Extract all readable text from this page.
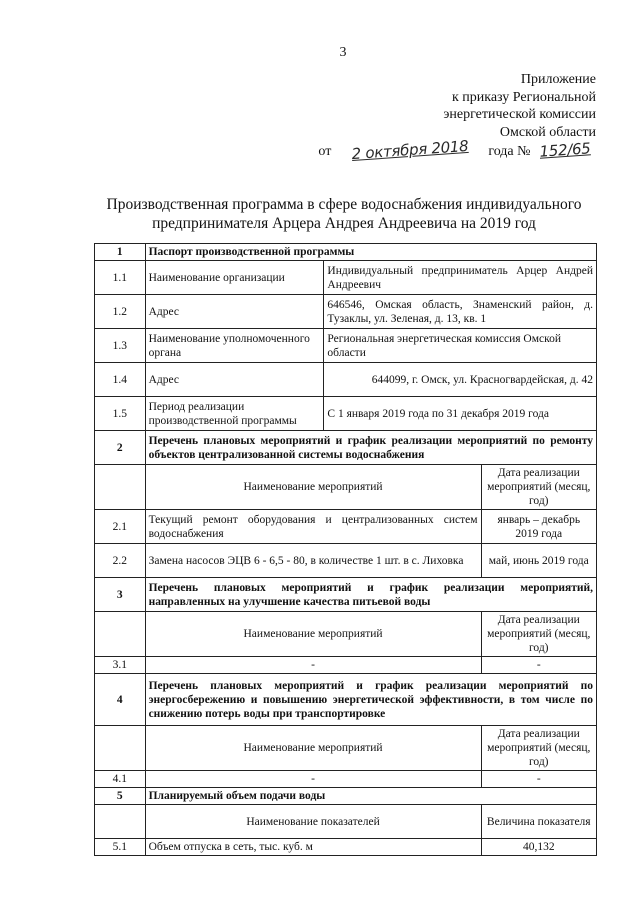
3
Приложение
к приказу Региональной
энергетической комиссии
Омской области
от 2 октября 2018 года № 152/65
Производственная программа в сфере водоснабжения индивидуального предпринимателя Арцера Андрея Андреевича на 2019 год
1	Паспорт производственной программы		
1.1	Наименование организации	Индивидуальный предприниматель Арцер Андрей Андреевич	
1.2	Адрес	646546, Омская область, Знаменский район, д. Тузаклы, ул. Зеленая, д. 13, кв. 1	
1.3	Наименование уполномоченного органа	Региональная энергетическая комиссия Омской области	
1.4	Адрес	644099, г. Омск, ул. Красногвардейская, д. 42	
1.5	Период реализации производственной программы	С 1 января 2019 года по 31 декабря 2019 года	
2	Перечень плановых мероприятий и график реализации мероприятий по ремонту объектов централизованной системы водоснабжения		
	Наименование мероприятий		Дата реализации мероприятий (месяц, год)
2.1	Текущий ремонт оборудования и централизованных систем водоснабжения		январь – декабрь 2019 года
2.2	Замена насосов ЭЦВ 6 - 6,5 - 80, в количестве 1 шт. в с. Лиховка		май, июнь 2019 года
3	Перечень плановых мероприятий и график реализации мероприятий, направленных на улучшение качества питьевой воды		
	Наименование мероприятий		Дата реализации мероприятий (месяц, год)
3.1	-		-
4	Перечень плановых мероприятий и график реализации мероприятий по энергосбережению и повышению энергетической эффективности, в том числе по снижению потерь воды при транспортировке		
	Наименование мероприятий		Дата реализации мероприятий (месяц, год)
4.1	-		-
5	Планируемый объем подачи воды		
	Наименование показателей		Величина показателя
5.1	Объем отпуска в сеть, тыс. куб. м		40,132
